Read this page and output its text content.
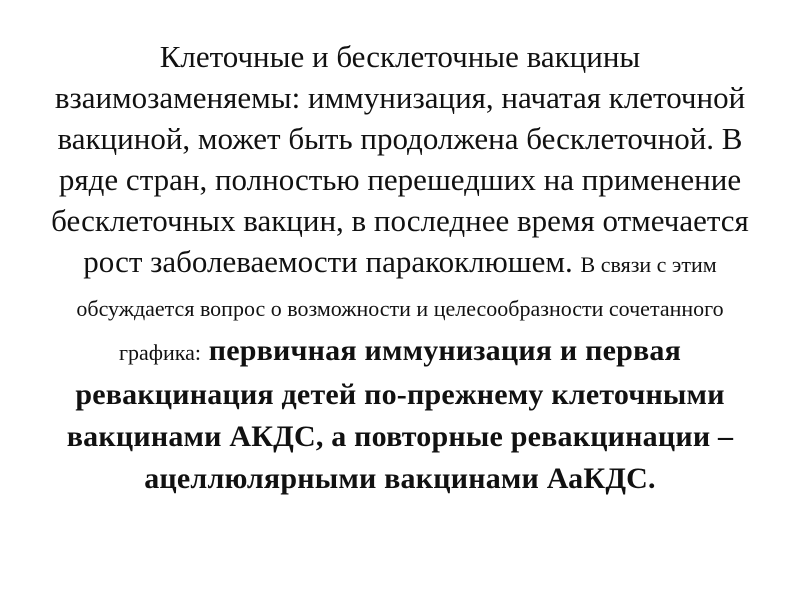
Клеточные и бесклеточные вакцины взаимозаменяемы: иммунизация, начатая клеточной вакциной, может быть продолжена бесклеточной. В ряде стран, полностью перешедших на применение бесклеточных вакцин, в последнее время отмечается рост заболеваемости паракоклюшем. В связи с этим обсуждается вопрос о возможности и целесообразности сочетанного графика: первичная иммунизация и первая ревакцинация детей по-прежнему клеточными вакцинами АКДС, а повторные ревакцинации – ацеллюлярными вакцинами АаКДС.
